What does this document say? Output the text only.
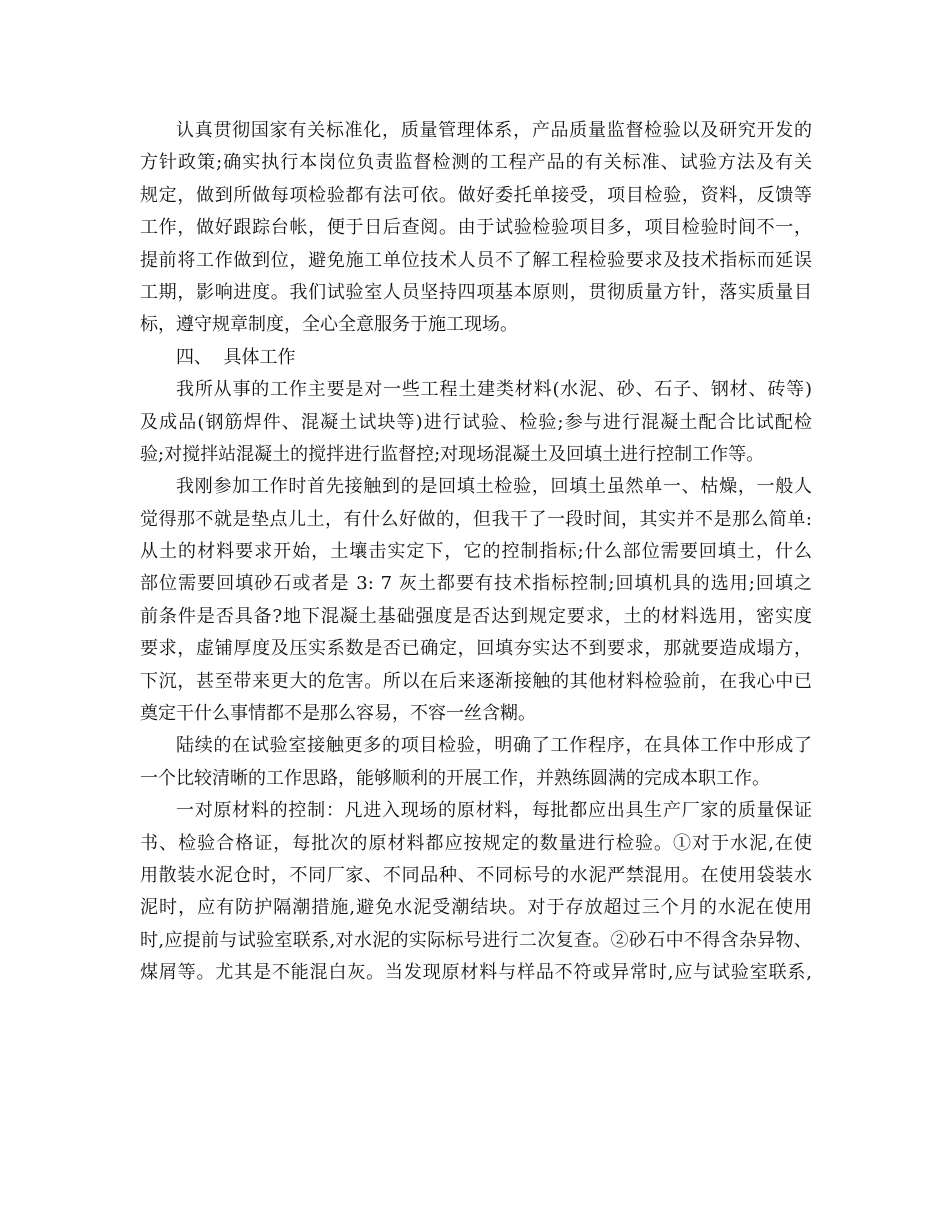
认真贯彻国家有关标准化，质量管理体系，产品质量监督检验以及研究开发的
方针政策;确实执行本岗位负责监督检测的工程产品的有关标准、试验方法及有关
规定，做到所做每项检验都有法可依。做好委托单接受，项目检验，资料，反馈等
工作，做好跟踪台帐，便于日后查阅。由于试验检验项目多，项目检验时间不一，
提前将工作做到位，避免施工单位技术人员不了解工程检验要求及技术指标而延误
工期，影响进度。我们试验室人员坚持四项基本原则，贯彻质量方针，落实质量目
标，遵守规章制度，全心全意服务于施工现场。
四、  具体工作
我所从事的工作主要是对一些工程土建类材料(水泥、砂、石子、钢材、砖等)
及成品(钢筋焊件、混凝土试块等)进行试验、检验;参与进行混凝土配合比试配检
验;对搅拌站混凝土的搅拌进行监督控;对现场混凝土及回填土进行控制工作等。
我刚参加工作时首先接触到的是回填土检验，回填土虽然单一、枯燥，一般人
觉得那不就是垫点儿土，有什么好做的，但我干了一段时间，其实并不是那么简单:
从土的材料要求开始，土壤击实定下，它的控制指标;什么部位需要回填土，什么
部位需要回填砂石或者是 3: 7 灰土都要有技术指标控制;回填机具的选用;回填之
前条件是否具备?地下混凝土基础强度是否达到规定要求，土的材料选用，密实度
要求，虚铺厚度及压实系数是否已确定，回填夯实达不到要求，那就要造成塌方，
下沉，甚至带来更大的危害。所以在后来逐渐接触的其他材料检验前，在我心中已
奠定干什么事情都不是那么容易，不容一丝含糊。
陆续的在试验室接触更多的项目检验，明确了工作程序，在具体工作中形成了
一个比较清晰的工作思路，能够顺利的开展工作，并熟练圆满的完成本职工作。
一对原材料的控制：凡进入现场的原材料，每批都应出具生产厂家的质量保证
书、检验合格证，每批次的原材料都应按规定的数量进行检验。①对于水泥,在使
用散装水泥仓时，不同厂家、不同品种、不同标号的水泥严禁混用。在使用袋装水
泥时，应有防护隔潮措施,避免水泥受潮结块。对于存放超过三个月的水泥在使用
时,应提前与试验室联系,对水泥的实际标号进行二次复查。②砂石中不得含杂异物、
煤屑等。尤其是不能混白灰。当发现原材料与样品不符或异常时,应与试验室联系,
